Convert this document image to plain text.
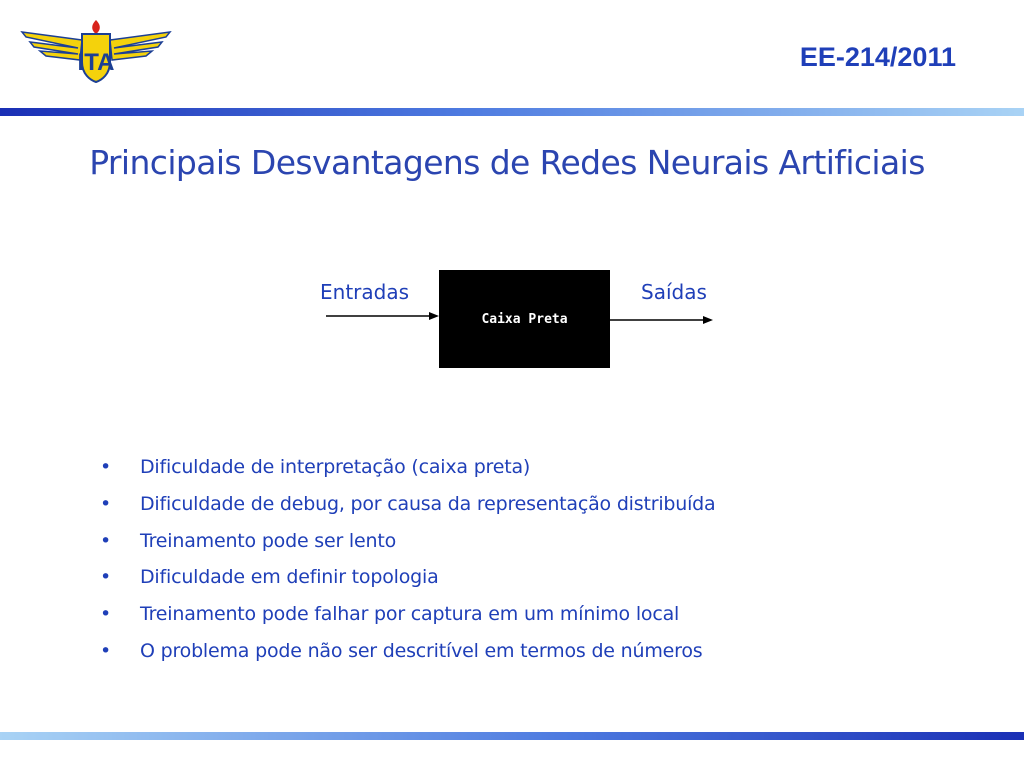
ITA	EE-214/2011
Principais Desvantagens de Redes Neurais Artificiais
Entradas
Caixa Preta
Saídas
• Dificuldade de interpretação (caixa preta)
• Dificuldade de debug, por causa da representação distribuída
• Treinamento pode ser lento
• Dificuldade em definir topologia
• Treinamento pode falhar por captura em um mínimo local
• O problema pode não ser descritível em termos de números
